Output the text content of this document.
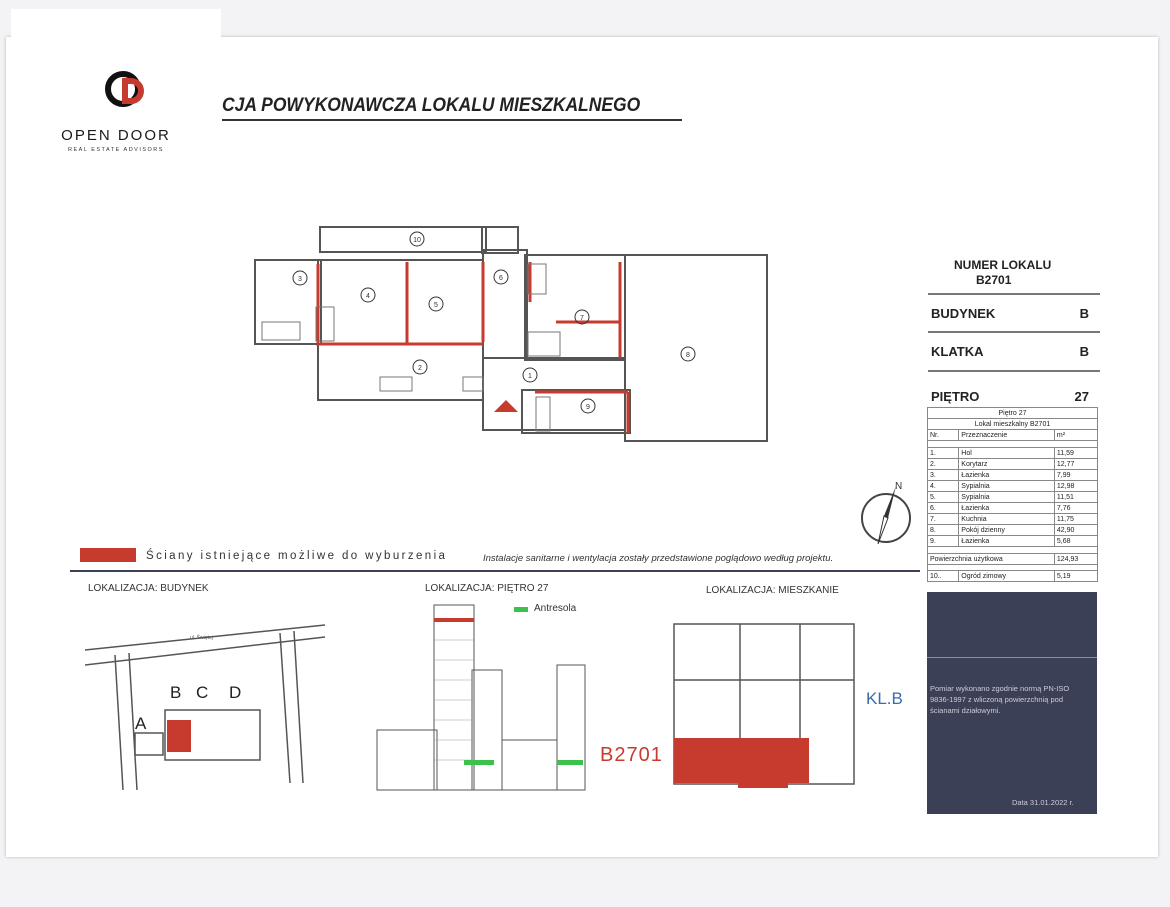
OPEN DOOR
REAL ESTATE ADVISORS
CJA POWYKONAWCZA LOKALU MIESZKALNEGO
10
3
4
5
6
7
8
2
1
9
NUMER LOKALU
B2701
BUDYNEK	B
KLATKA	B
PIĘTRO	27
Piętro 27		
Lokal mieszkalny B2701		
Nr.	Przeznaczenie	m²

1.	Hol	11,59
2.	Korytarz	12,77
3.	Łazienka	7,99
4.	Sypialnia	12,98
5.	Sypialnia	11,51
6.	Łazienka	7,76
7.	Kuchnia	11,75
8.	Pokój dzienny	42,90
9.	Łazienka	5,68

Powierzchnia użytkowa		124,93

10..	Ogród zimowy	5,19
Pomiar wykonano zgodnie normą PN-ISO 9836-1997 z wliczoną powierzchnią pod ścianami działowymi.
Data 31.01.2022 r.
N
Ściany istniejące możliwe do wyburzenia	Instalacje sanitarne i wentylacja zostały przedstawione poglądowo według projektu.
LOKALIZACJA: BUDYNEK	LOKALIZACJA: PIĘTRO 27	LOKALIZACJA: MIESZKANIE
Antresola
ul. Świętej
A
B C D
B2701
KL.B
